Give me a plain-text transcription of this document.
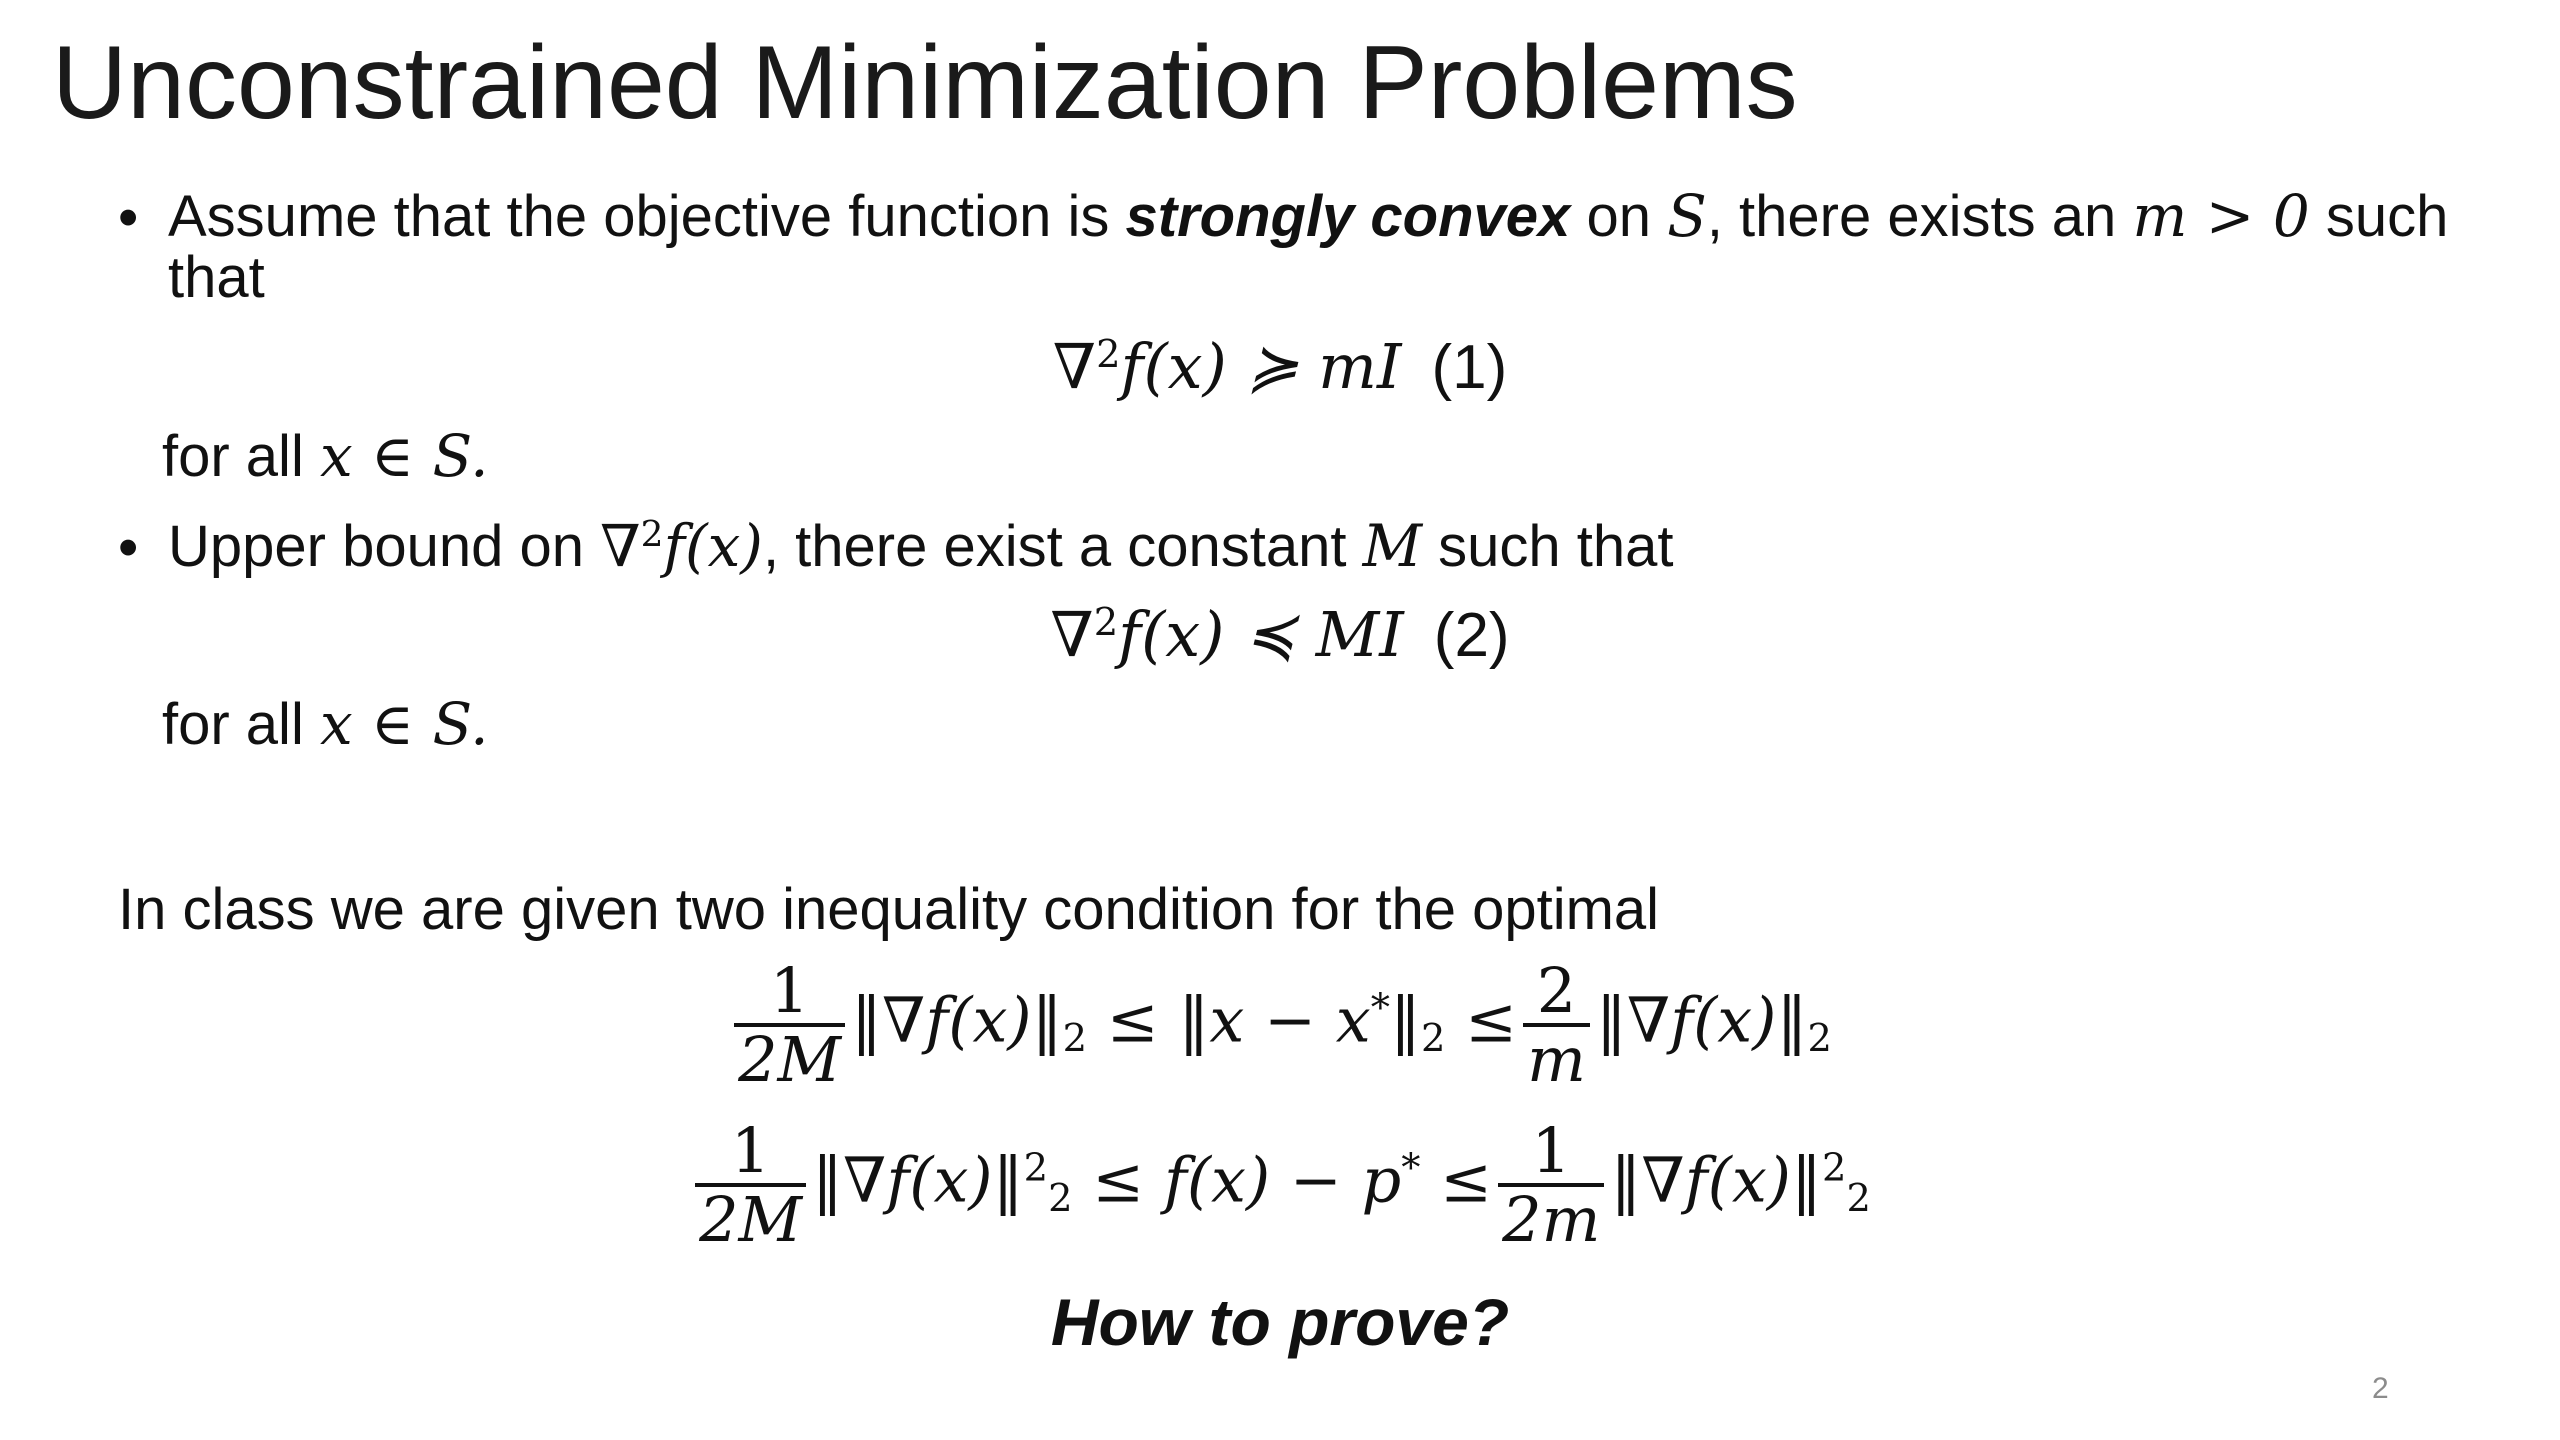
Unconstrained Minimization Problems
• Assume that the objective function is strongly convex on S, there exists an m > 0 such
that
∇$^2$f(x) ≽ mI (1)
for all x ∈ S.
• Upper bound on ∇$^2$f(x), there exist a constant M such that
∇$^2$f(x) ≼ MI (2)
for all x ∈ S.
In class we are given two inequality condition for the optimal
$\frac{1}{2M}$ $‖\nabla f(x)‖_2$ ≤ ‖x − $x^*‖_2 \le \frac{2}{m}$ $‖\nabla f(x)‖_2$
$\frac{1}{2M}$ ‖∇f(x)‖$^2_2$ ≤ $f(x) - p^* \le \frac{1}{2m}$ ‖∇f(x)‖$^2_2$
How to prove?
2
